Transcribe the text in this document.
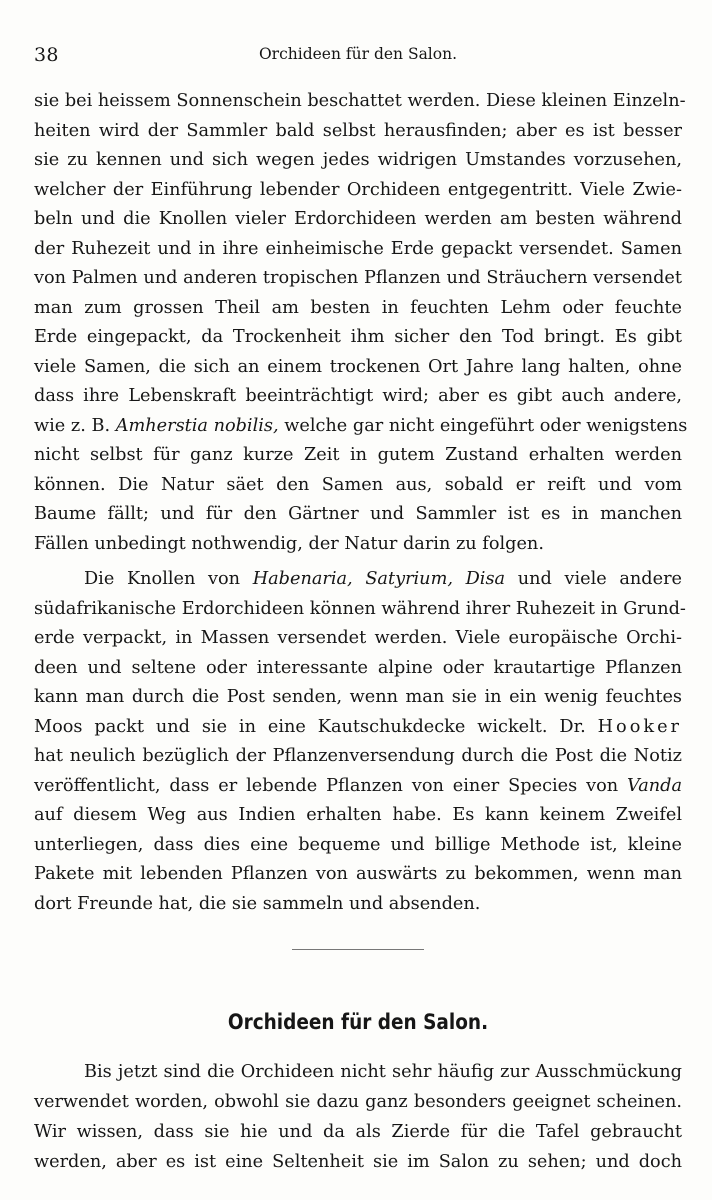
38	Orchideen für den Salon.

sie bei heissem Sonnenschein beschattet werden. Diese kleinen Einzeln-
heiten wird der Sammler bald selbst herausfinden; aber es ist besser
sie zu kennen und sich wegen jedes widrigen Umstandes vorzusehen,
welcher der Einführung lebender Orchideen entgegentritt. Viele Zwie-
beln und die Knollen vieler Erdorchideen werden am besten während
der Ruhezeit und in ihre einheimische Erde gepackt versendet. Samen
von Palmen und anderen tropischen Pflanzen und Sträuchern versendet
man zum grossen Theil am besten in feuchten Lehm oder feuchte
Erde eingepackt, da Trockenheit ihm sicher den Tod bringt. Es gibt
viele Samen, die sich an einem trockenen Ort Jahre lang halten, ohne
dass ihre Lebenskraft beeinträchtigt wird; aber es gibt auch andere,
wie z. B. Amherstia nobilis, welche gar nicht eingeführt oder wenigstens
nicht selbst für ganz kurze Zeit in gutem Zustand erhalten werden
können. Die Natur säet den Samen aus, sobald er reift und vom
Baume fällt; und für den Gärtner und Sammler ist es in manchen
Fällen unbedingt nothwendig, der Natur darin zu folgen.

Die Knollen von Habenaria, Satyrium, Disa und viele andere
südafrikanische Erdorchideen können während ihrer Ruhezeit in Grund-
erde verpackt, in Massen versendet werden. Viele europäische Orchi-
deen und seltene oder interessante alpine oder krautartige Pflanzen
kann man durch die Post senden, wenn man sie in ein wenig feuchtes
Moos packt und sie in eine Kautschukdecke wickelt. Dr. Hooker
hat neulich bezüglich der Pflanzenversendung durch die Post die Notiz
veröffentlicht, dass er lebende Pflanzen von einer Species von Vanda
auf diesem Weg aus Indien erhalten habe. Es kann keinem Zweifel
unterliegen, dass dies eine bequeme und billige Methode ist, kleine
Pakete mit lebenden Pflanzen von auswärts zu bekommen, wenn man
dort Freunde hat, die sie sammeln und absenden.

Orchideen für den Salon.

Bis jetzt sind die Orchideen nicht sehr häufig zur Ausschmückung
verwendet worden, obwohl sie dazu ganz besonders geeignet scheinen.
Wir wissen, dass sie hie und da als Zierde für die Tafel gebraucht
werden, aber es ist eine Seltenheit sie im Salon zu sehen; und doch
